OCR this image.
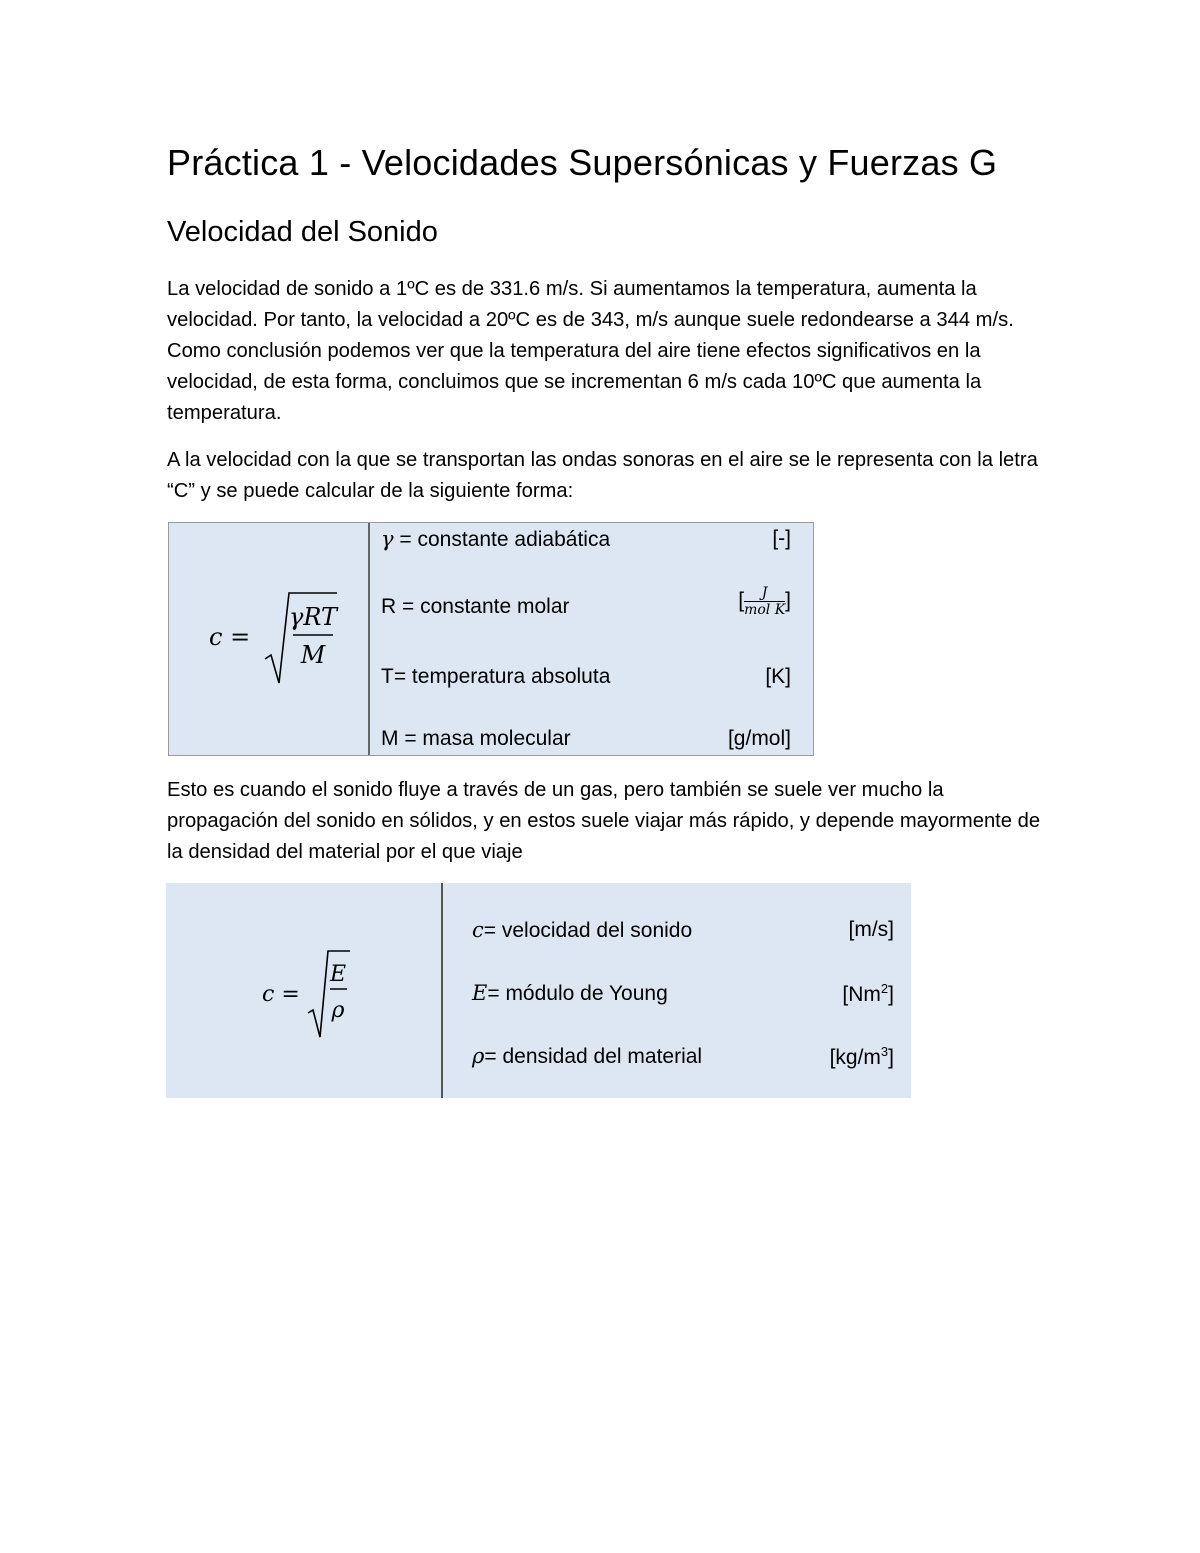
Práctica 1 - Velocidades Supersónicas y Fuerzas G
Velocidad del Sonido

La velocidad de sonido a 1ºC es de 331.6 m/s. Si aumentamos la temperatura, aumenta la velocidad. Por tanto, la velocidad a 20ºC es de 343, m/s aunque suele redondearse a 344 m/s. Como conclusión podemos ver que la temperatura del aire tiene efectos significativos en la velocidad, de esta forma, concluimos que se incrementan 6 m/s cada 10ºC que aumenta la temperatura.

A la velocidad con la que se transportan las ondas sonoras en el aire se le representa con la letra “C” y se puede calcular de la siguiente forma:

c =
γRT
M
γ = constante adiabática	[-]
R = constante molar	[ $\frac{J}{\text{mol K}}$ ]
T= temperatura absoluta	[K]
M = masa molecular	[g/mol]

Esto es cuando el sonido fluye a través de un gas, pero también se suele ver mucho la propagación del sonido en sólidos, y en estos suele viajar más rápido, y depende mayormente de la densidad del material por el que viaje

c =
E
ρ
c= velocidad del sonido	[m/s]
E= módulo de Young	[Nm$^2$]
ρ= densidad del material	$[kg/m^3]$
